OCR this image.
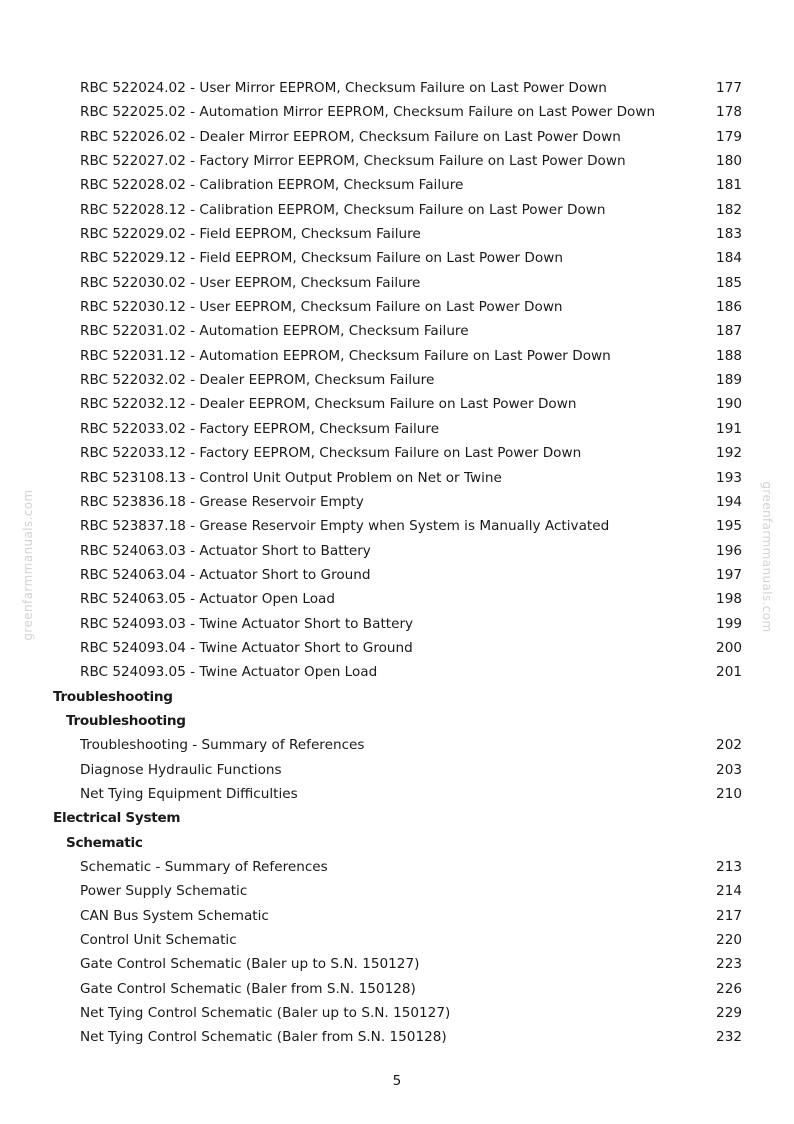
RBC 522024.02 - User Mirror EEPROM, Checksum Failure on Last Power Down	177
RBC 522025.02 - Automation Mirror EEPROM, Checksum Failure on Last Power Down	178
RBC 522026.02 - Dealer Mirror EEPROM, Checksum Failure on Last Power Down	179
RBC 522027.02 - Factory Mirror EEPROM, Checksum Failure on Last Power Down	180
RBC 522028.02 - Calibration EEPROM, Checksum Failure	181
RBC 522028.12 - Calibration EEPROM, Checksum Failure on Last Power Down	182
RBC 522029.02 - Field EEPROM, Checksum Failure	183
RBC 522029.12 - Field EEPROM, Checksum Failure on Last Power Down	184
RBC 522030.02 - User EEPROM, Checksum Failure	185
RBC 522030.12 - User EEPROM, Checksum Failure on Last Power Down	186
RBC 522031.02 - Automation EEPROM, Checksum Failure	187
RBC 522031.12 - Automation EEPROM, Checksum Failure on Last Power Down	188
RBC 522032.02 - Dealer EEPROM, Checksum Failure	189
RBC 522032.12 - Dealer EEPROM, Checksum Failure on Last Power Down	190
RBC 522033.02 - Factory EEPROM, Checksum Failure	191
RBC 522033.12 - Factory EEPROM, Checksum Failure on Last Power Down	192
RBC 523108.13 - Control Unit Output Problem on Net or Twine	193
RBC 523836.18 - Grease Reservoir Empty	194
RBC 523837.18 - Grease Reservoir Empty when System is Manually Activated	195
RBC 524063.03 - Actuator Short to Battery	196
RBC 524063.04 - Actuator Short to Ground	197
RBC 524063.05 - Actuator Open Load	198
RBC 524093.03 - Twine Actuator Short to Battery	199
RBC 524093.04 - Twine Actuator Short to Ground	200
RBC 524093.05 - Twine Actuator Open Load	201
Troubleshooting
Troubleshooting
Troubleshooting - Summary of References	202
Diagnose Hydraulic Functions	203
Net Tying Equipment Difficulties	210
Electrical System
Schematic
Schematic - Summary of References	213
Power Supply Schematic	214
CAN Bus System Schematic	217
Control Unit Schematic	220
Gate Control Schematic (Baler up to S.N. 150127)	223
Gate Control Schematic (Baler from S.N. 150128)	226
Net Tying Control Schematic (Baler up to S.N. 150127)	229
Net Tying Control Schematic (Baler from S.N. 150128)	232
greenfarmmanuals.com	greenfarmmanuals.com
5
